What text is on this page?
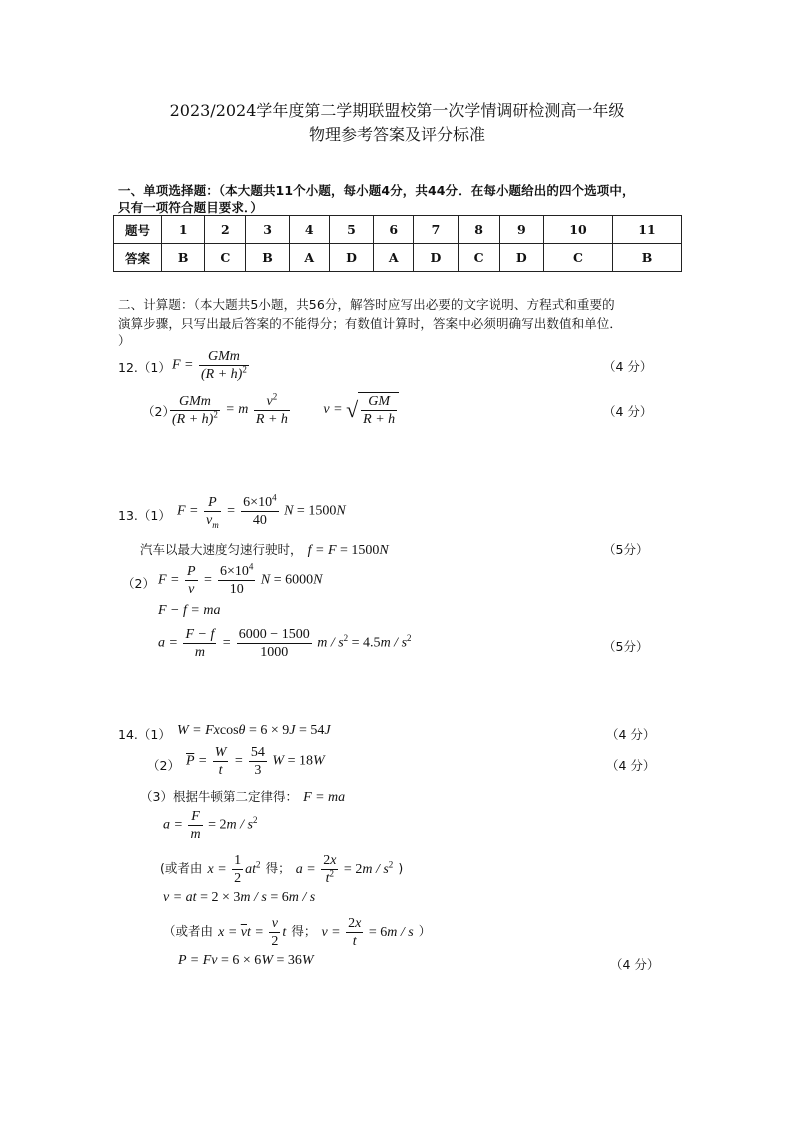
2023/2024学年度第二学期联盟校第一次学情调研检测高一年级
物理参考答案及评分标准
一、单项选择题：（本大题共11个小题，每小题4分，共44分．在每小题给出的四个选项中，
只有一项符合题目要求．）
题号	1	2	3	4	5	6	7	8	9	10	11
答案	B	C	B	A	D	A	D	C	D	C	B
二、计算题：（本大题共5小题，共56分，解答时应写出必要的文字说明、方程式和重要的
演算步骤，只写出最后答案的不能得分；有数值计算时，答案中必须明确写出数值和单位．
）
12.（1） $F = \frac{\text{GMm}}{(R + h)^2}$	（4 分）
（2）
$\frac{\text{GMm}}{(R + h)^2} = m \frac{v^2}{R + h}$ v = √ $\frac{GM}{R + h}$	（4 分）
13.（1） $F = \frac{P}{v_m} = \frac{6\times 10^4}{40}$ N = 1500N
汽车以最大速度匀速行驶时， f = F = 1500N	（5分）
（2） $F = \frac{P}{v} = \frac{6\times 10^4}{10}$ N = 6000N
F − f = ma
$a = \frac{F - f}{m} = \frac{6000 - 1500}{1000}$ $m / s^2 = 4.5m / s^2$
（5分）
14.（1） W = Fxcosθ = 6 × 9J = 54J	（4 分）
（2） $\overline{P} = \frac{W}{t} = \frac{54}{3}$ W = 18W	（4 分）
（3）根据牛顿第二定律得： F = ma
$a = \frac{F}{m} = 2m / s^2$
(或者由 $x = \frac{1}{2} at^2$ 得； $a = \frac{2x}{t^2} = 2m / s^2$ )
v = at = 2 × 3m / s = 6m / s
（或者由 $x = \overline{v}t = \frac{v}{2}$ t 得； $v = \frac{2x}{t} = 6m / s$ ）
P = Fv = 6 × 6W = 36W	（4 分）
